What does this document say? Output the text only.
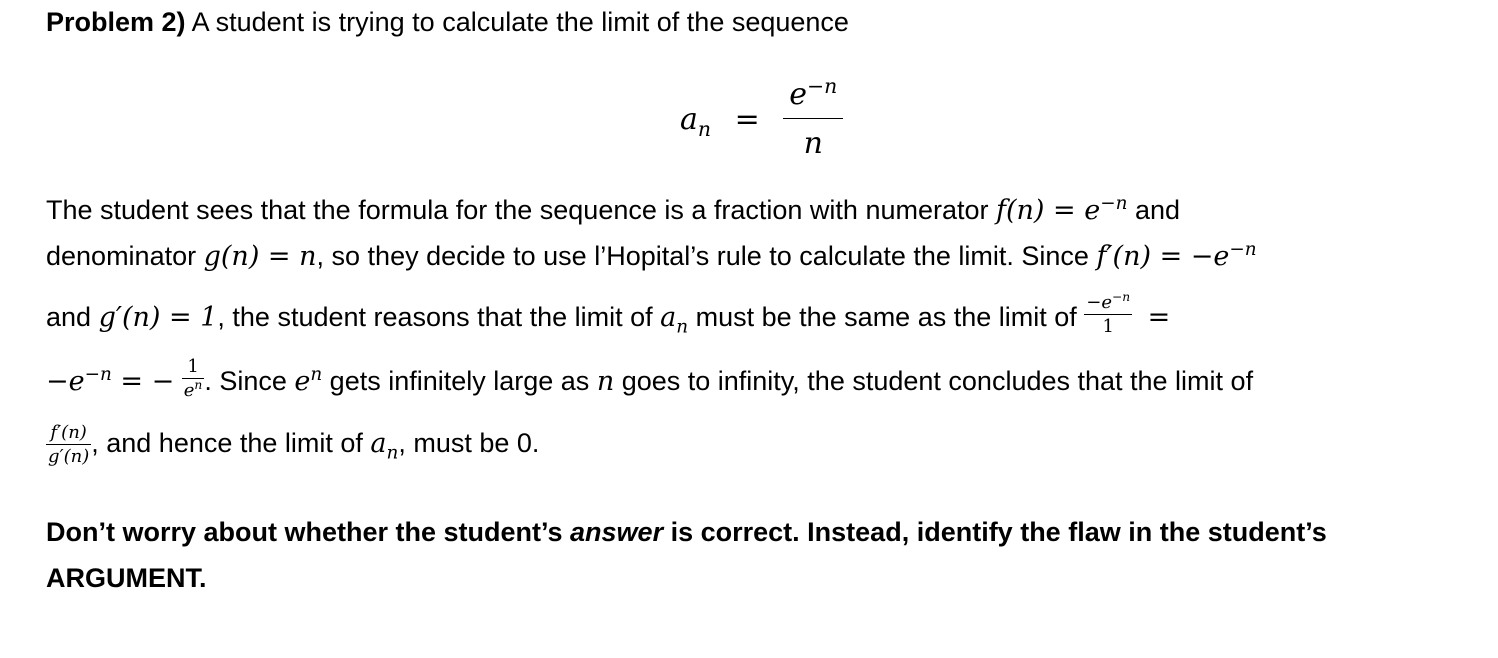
Problem 2) A student is trying to calculate the limit of the sequence
$a_n = \frac{e^{-n}}{n}$
The student sees that the formula for the sequence is a fraction with numerator $f(n) = e^{-n}$ and
denominator g(n) = n, so they decide to use l’Hopital’s rule to calculate the limit. Since $f'(n) = -e^{-n}$
and g′(n) = 1, the student reasons that the limit of $a_n$ must be the same as the limit of $\frac{-e^{-n}}{1}$ =
$-e^{-n}$ = − $\frac{1}{e^n}$ . Since $e^n$ gets infinitely large as n goes to infinity, the student concludes that the limit of
$\frac{f'(n)}{g'(n)}$ , and hence the limit of $a_n$, must be 0.
Don’t worry about whether the student’s answer is correct. Instead, identify the flaw in the student’s
ARGUMENT.
